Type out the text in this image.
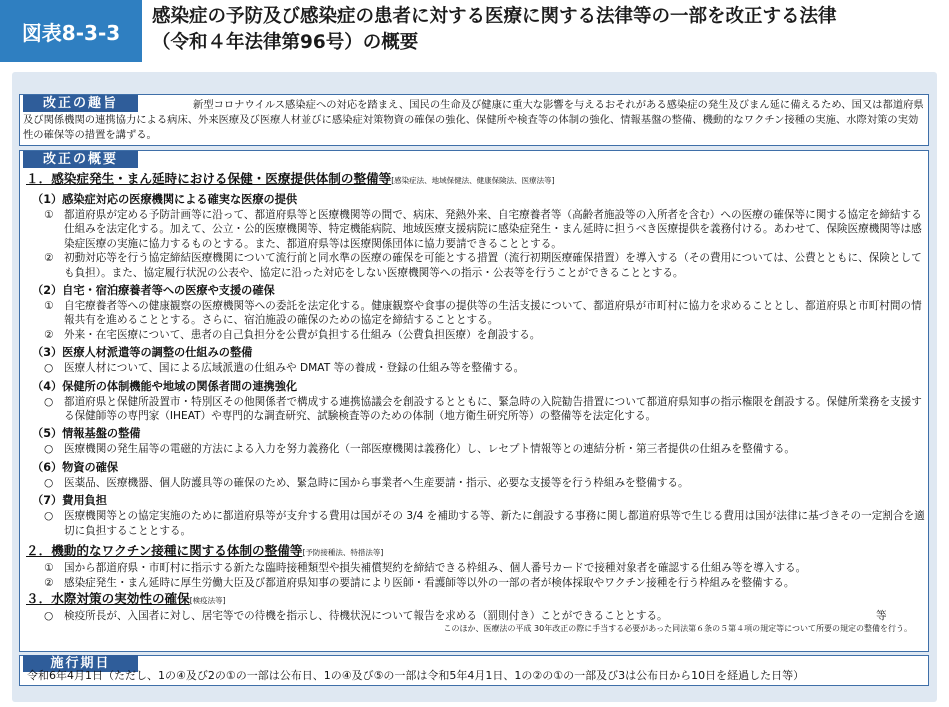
図表8-3-3
感染症の予防及び感染症の患者に対する医療に関する法律等の一部を改正する法律
（令和４年法律第96号）の概要
改正の趣旨	新型コロナウイルス感染症への対応を踏まえ、国民の生命及び健康に重大な影響を与えるおそれがある感染症の発生及びまん延に備えるため、国又は都道府県及び関係機関の連携協力による病床、外来医療及び医療人材並びに感染症対策物資の確保の強化、保健所や検査等の体制の強化、情報基盤の整備、機動的なワクチン接種の実施、水際対策の実効性の確保等の措置を講ずる。
改正の概要
１．感染症発生・まん延時における保健・医療提供体制の整備等[感染症法、地域保健法、健康保険法、医療法等]
（1）感染症対応の医療機関による確実な医療の提供
① 都道府県が定める予防計画等に沿って、都道府県等と医療機関等の間で、病床、発熱外来、自宅療養者等（高齢者施設等の入所者を含む）への医療の確保等に関する協定を締結する仕組みを法定化する。加えて、公立・公的医療機関等、特定機能病院、地域医療支援病院に感染症発生・まん延時に担うべき医療提供を義務付ける。あわせて、保険医療機関等は感染症医療の実施に協力するものとする。また、都道府県等は医療関係団体に協力要請できることとする。
② 初動対応等を行う協定締結医療機関について流行前と同水準の医療の確保を可能とする措置（流行初期医療確保措置）を導入する（その費用については、公費とともに、保険としても負担）。また、協定履行状況の公表や、協定に沿った対応をしない医療機関等への指示・公表等を行うことができることとする。
（2）自宅・宿泊療養者等への医療や支援の確保
① 自宅療養者等への健康観察の医療機関等への委託を法定化する。健康観察や食事の提供等の生活支援について、都道府県が市町村に協力を求めることとし、都道府県と市町村間の情報共有を進めることとする。さらに、宿泊施設の確保のための協定を締結することとする。
② 外来・在宅医療について、患者の自己負担分を公費が負担する仕組み（公費負担医療）を創設する。
（3）医療人材派遣等の調整の仕組みの整備
○ 医療人材について、国による広域派遣の仕組みや DMAT 等の養成・登録の仕組み等を整備する。
（4）保健所の体制機能や地域の関係者間の連携強化
○ 都道府県と保健所設置市・特別区その他関係者で構成する連携協議会を創設するとともに、緊急時の入院勧告措置について都道府県知事の指示権限を創設する。保健所業務を支援する保健師等の専門家（IHEAT）や専門的な調査研究、試験検査等のための体制（地方衛生研究所等）の整備等を法定化する。
（5）情報基盤の整備
○ 医療機関の発生届等の電磁的方法による入力を努力義務化（一部医療機関は義務化）し、レセプト情報等との連結分析・第三者提供の仕組みを整備する。
（6）物資の確保
○ 医薬品、医療機器、個人防護具等の確保のため、緊急時に国から事業者へ生産要請・指示、必要な支援等を行う枠組みを整備する。
（7）費用負担
○ 医療機関等との協定実施のために都道府県等が支弁する費用は国がその 3/4 を補助する等、新たに創設する事務に関し都道府県等で生じる費用は国が法律に基づきその一定割合を適切に負担することとする。
２．機動的なワクチン接種に関する体制の整備等[予防接種法、特措法等]
① 国から都道府県・市町村に指示する新たな臨時接種類型や損失補償契約を締結できる枠組み、個人番号カードで接種対象者を確認する仕組み等を導入する。
② 感染症発生・まん延時に厚生労働大臣及び都道府県知事の要請により医師・看護師等以外の一部の者が検体採取やワクチン接種を行う枠組みを整備する。
３．水際対策の実効性の確保[検疫法等]
○ 検疫所長が、入国者に対し、居宅等での待機を指示し、待機状況について報告を求める（罰則付き）ことができることとする。	等
このほか、医療法の平成 30年改正の際に手当する必要があった同法第６条の５第４項の規定等について所要の規定の整備を行う。
施行期日
令和6年4月1日（ただし、1の④及び2の①の一部は公布日、1の④及び⑤の一部は令和5年4月1日、1の②の①の一部及び3は公布日から10日を経過した日等）
